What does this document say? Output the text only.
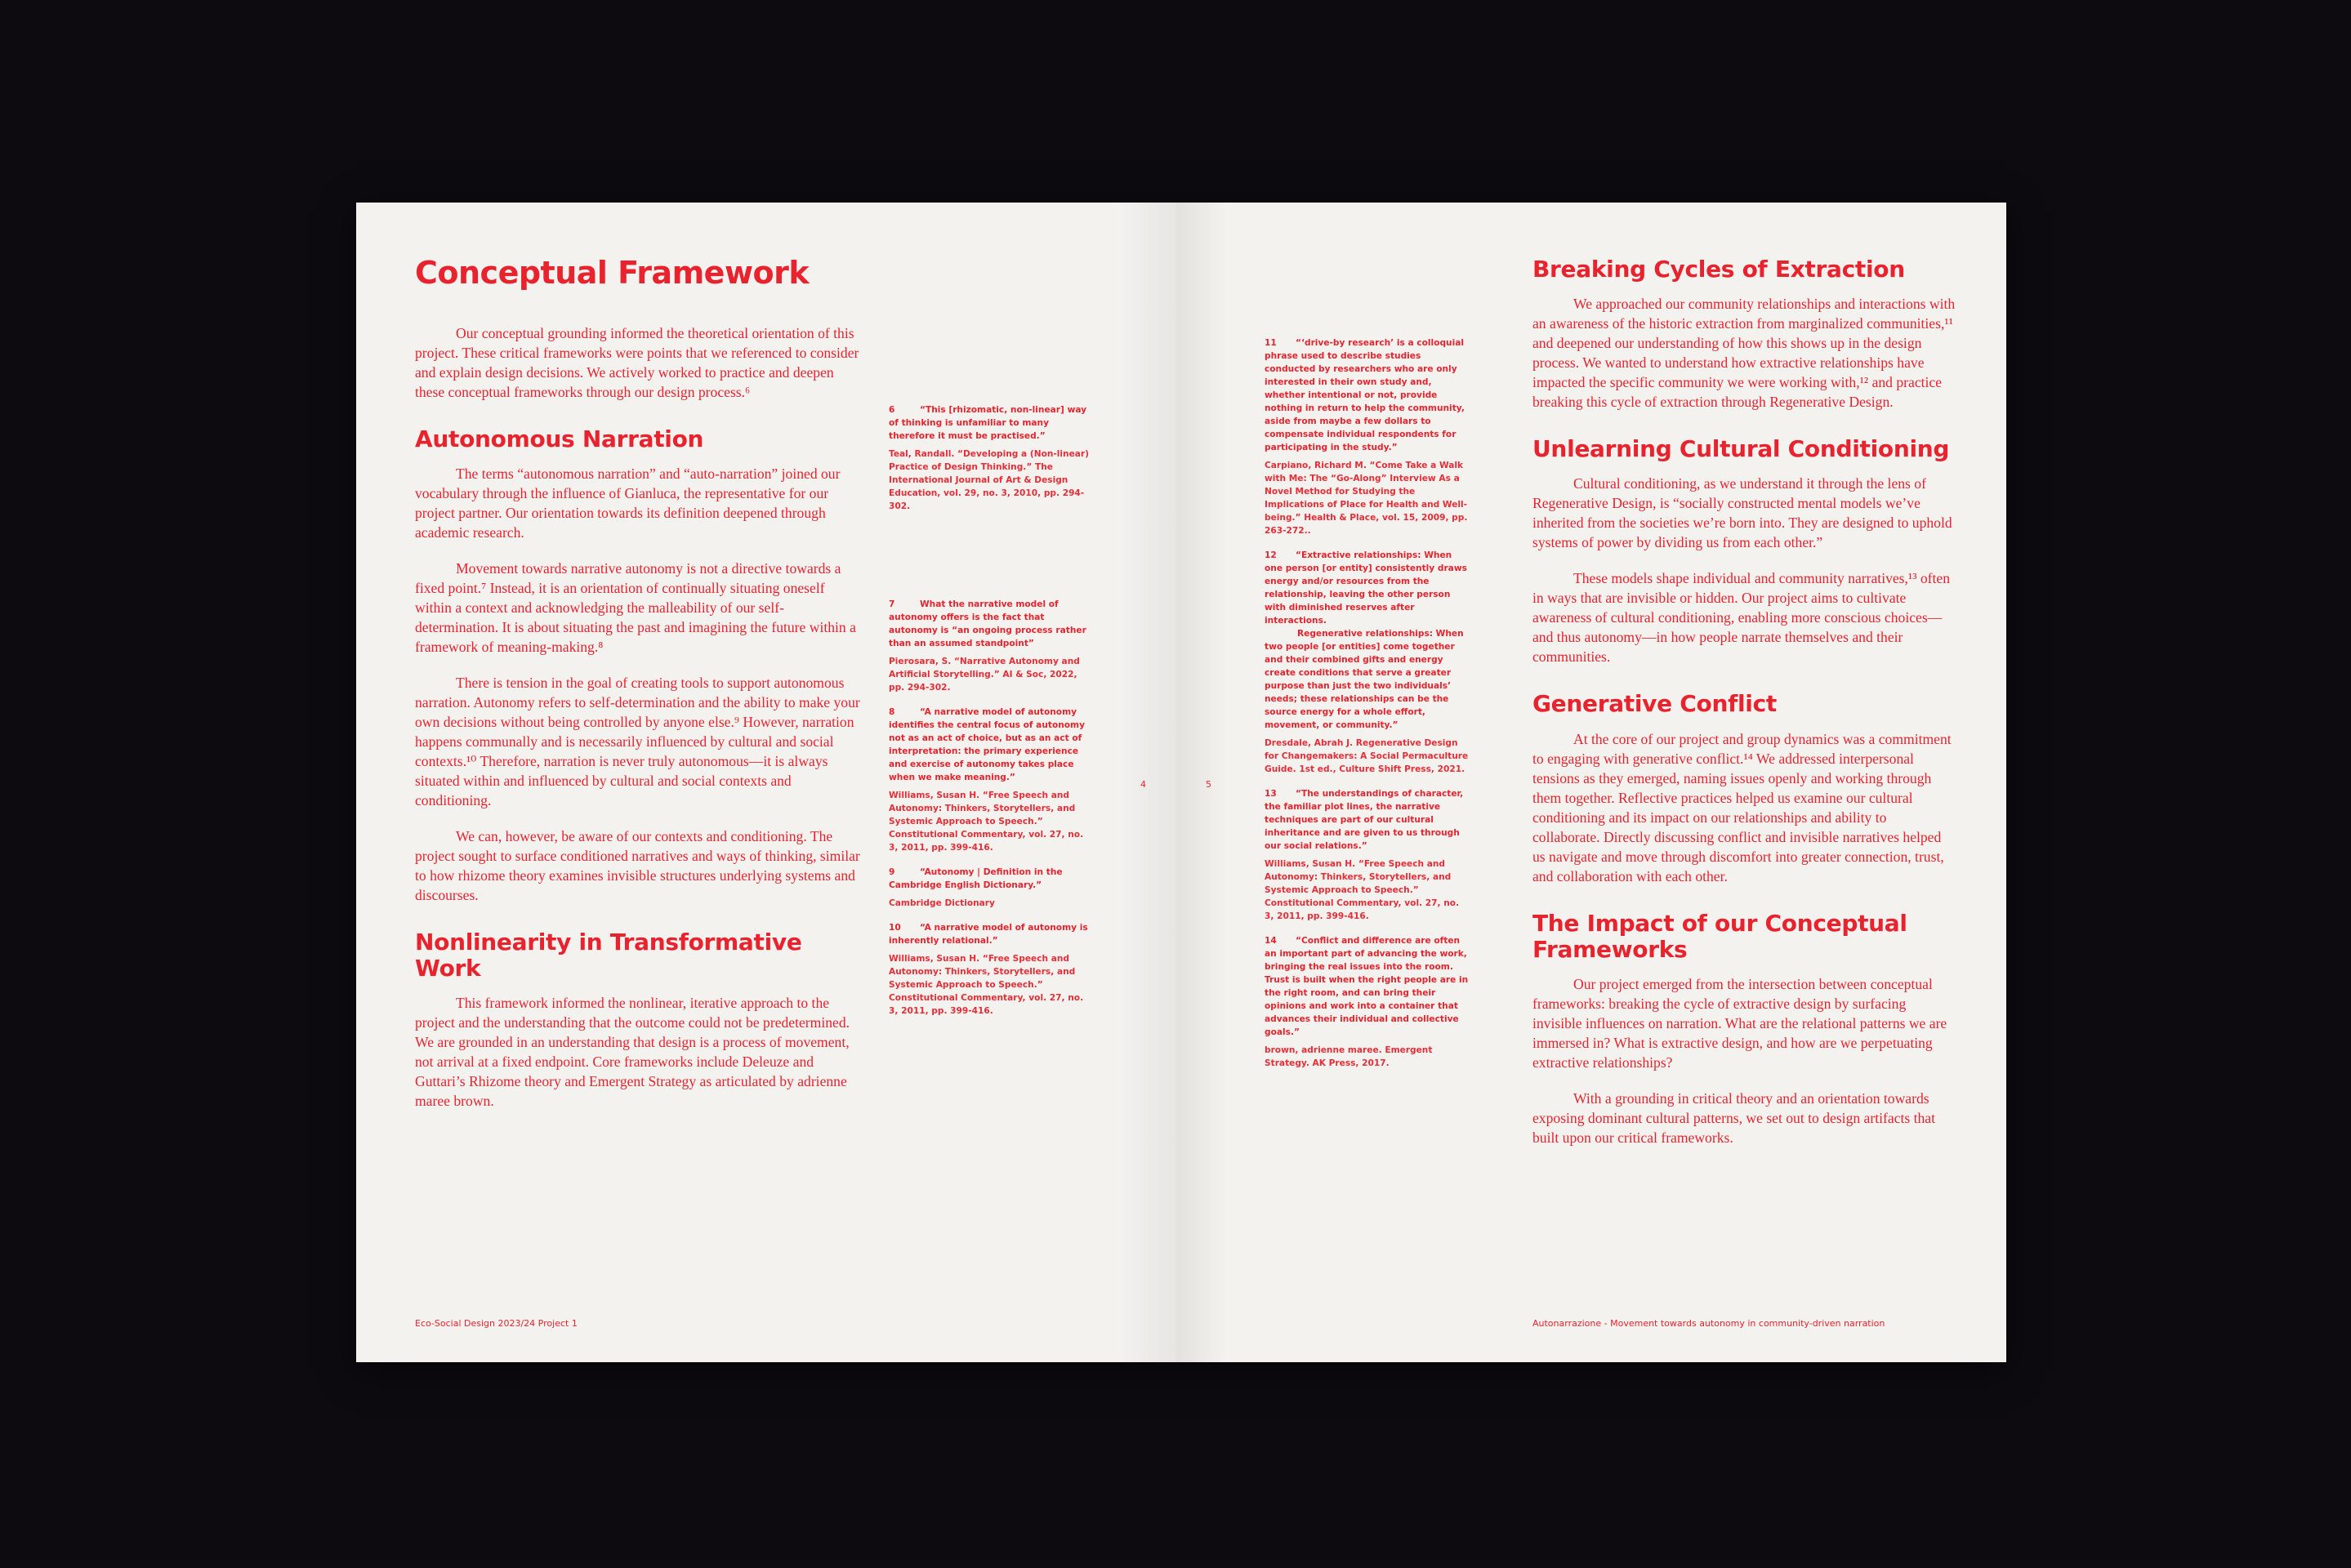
Conceptual Framework

Our conceptual grounding informed the theoretical orientation of this project. These critical frameworks were points that we referenced to consider and explain design decisions. We actively worked to practice and deepen these conceptual frameworks through our design process.⁶

Autonomous Narration

The terms “autonomous narration” and “auto-narration” joined our vocabulary through the influence of Gianluca, the representative for our project partner. Our orientation towards its definition deepened through academic research.

Movement towards narrative autonomy is not a directive towards a fixed point.⁷ Instead, it is an orientation of continually situating oneself within a context and acknowledging the malleability of our self-determination. It is about situating the past and imagining the future within a framework of meaning-making.⁸

There is tension in the goal of creating tools to support autonomous narration. Autonomy refers to self-determination and the ability to make your own decisions without being controlled by anyone else.⁹ However, narration happens communally and is necessarily influenced by cultural and social contexts.¹⁰ Therefore, narration is never truly autonomous—it is always situated within and influenced by cultural and social contexts and conditioning.

We can, however, be aware of our contexts and conditioning. The project sought to surface conditioned narratives and ways of thinking, similar to how rhizome theory examines invisible structures underlying systems and discourses.

Nonlinearity in Transformative Work

This framework informed the nonlinear, iterative approach to the project and the understanding that the outcome could not be predetermined. We are grounded in an understanding that design is a process of movement, not arrival at a fixed endpoint. Core frameworks include Deleuze and Guttari’s Rhizome theory and Emergent Strategy as articulated by adrienne maree brown.

6	“This [rhizomatic, non-linear] way of thinking is unfamiliar to many therefore it must be practised.”

Teal, Randall. “Developing a (Non-linear) Practice of Design Thinking.” The International Journal of Art & Design Education, vol. 29, no. 3, 2010, pp. 294-302.

7	What the narrative model of autonomy offers is the fact that autonomy is “an ongoing process rather than an assumed standpoint”

Pierosara, S. “Narrative Autonomy and Artificial Storytelling.” AI & Soc, 2022, pp. 294-302.

8	“A narrative model of autonomy identifies the central focus of autonomy not as an act of choice, but as an act of interpretation: the primary experience and exercise of autonomy takes place when we make meaning.”

Williams, Susan H. “Free Speech and Autonomy: Thinkers, Storytellers, and Systemic Approach to Speech.” Constitutional Commentary, vol. 27, no. 3, 2011, pp. 399-416.

9	“Autonomy | Definition in the Cambridge English Dictionary.”

Cambridge Dictionary

10 “A narrative model of autonomy is inherently relational.”

Williams, Susan H. “Free Speech and Autonomy: Thinkers, Storytellers, and Systemic Approach to Speech.” Constitutional Commentary, vol. 27, no. 3, 2011, pp. 399-416.

4
Eco-Social Design 2023/24 Project 1
5

11 “‘drive-by research’ is a colloquial phrase used to describe studies conducted by researchers who are only interested in their own study and, whether intentional or not, provide nothing in return to help the community, aside from maybe a few dollars to compensate individual respondents for participating in the study.”

Carpiano, Richard M. “Come Take a Walk with Me: The “Go-Along” Interview As a Novel Method for Studying the Implications of Place for Health and Well-being.” Health & Place, vol. 15, 2009, pp. 263-272..

12 “Extractive relationships: When one person [or entity] consistently draws energy and/or resources from the relationship, leaving the other person with diminished reserves after interactions.

Regenerative relationships: When two people [or entities] come together and their combined gifts and energy create conditions that serve a greater purpose than just the two individuals’ needs; these relationships can be the source energy for a whole effort, movement, or community.”

Dresdale, Abrah J. Regenerative Design for Changemakers: A Social Permaculture Guide. 1st ed., Culture Shift Press, 2021.

13 “The understandings of character, the familiar plot lines, the narrative techniques are part of our cultural inheritance and are given to us through our social relations.”

Williams, Susan H. “Free Speech and Autonomy: Thinkers, Storytellers, and Systemic Approach to Speech.” Constitutional Commentary, vol. 27, no. 3, 2011, pp. 399-416.

14 “Conflict and difference are often an important part of advancing the work, bringing the real issues into the room. Trust is built when the right people are in the right room, and can bring their opinions and work into a container that advances their individual and collective goals.”

brown, adrienne maree. Emergent Strategy. AK Press, 2017.

Breaking Cycles of Extraction

We approached our community relationships and interactions with an awareness of the historic extraction from marginalized communities,¹¹ and deepened our understanding of how this shows up in the design process. We wanted to understand how extractive relationships have impacted the specific community we were working with,¹² and practice breaking this cycle of extraction through Regenerative Design.

Unlearning Cultural Conditioning

Cultural conditioning, as we understand it through the lens of Regenerative Design, is “socially constructed mental models we’ve inherited from the societies we’re born into. They are designed to uphold systems of power by dividing us from each other.”

These models shape individual and community narratives,¹³ often in ways that are invisible or hidden. Our project aims to cultivate awareness of cultural conditioning, enabling more conscious choices—and thus autonomy—in how people narrate themselves and their communities.

Generative Conflict

At the core of our project and group dynamics was a commitment to engaging with generative conflict.¹⁴ We addressed interpersonal tensions as they emerged, naming issues openly and working through them together. Reflective practices helped us examine our cultural conditioning and its impact on our relationships and ability to collaborate. Directly discussing conflict and invisible narratives helped us navigate and move through discomfort into greater connection, trust, and collaboration with each other.

The Impact of our Conceptual Frameworks

Our project emerged from the intersection between conceptual frameworks: breaking the cycle of extractive design by surfacing invisible influences on narration. What are the relational patterns we are immersed in? What is extractive design, and how are we perpetuating extractive relationships?

With a grounding in critical theory and an orientation towards exposing dominant cultural patterns, we set out to design artifacts that built upon our critical frameworks.

Autonarrazione - Movement towards autonomy in community-driven narration
